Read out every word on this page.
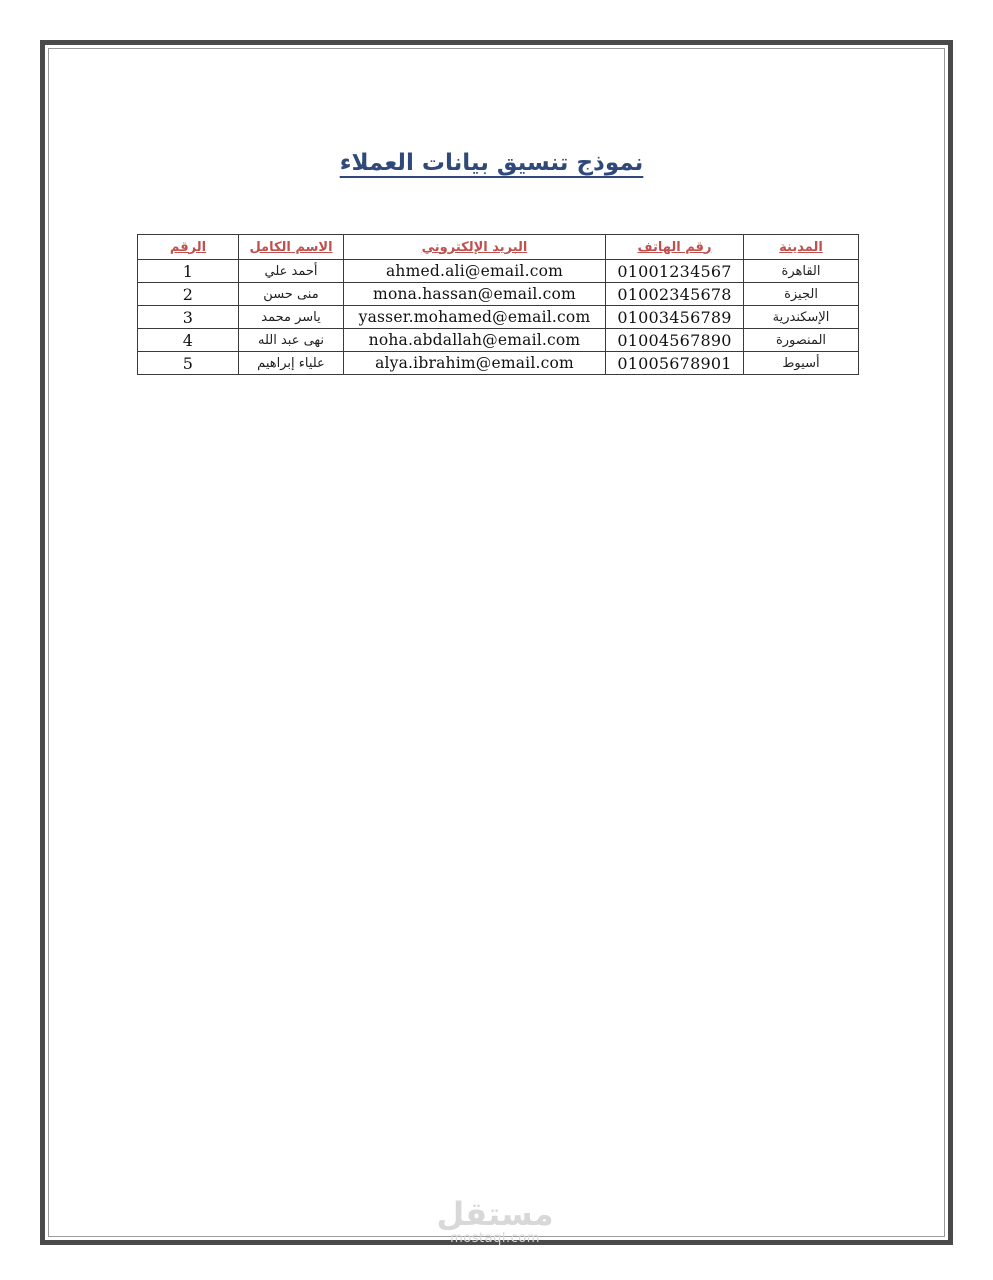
نموذج تنسيق بيانات العملاء
المدينة	رقم الهاتف	البريد الإلكتروني	الاسم الكامل	الرقم
القاهرة	01001234567	ahmed.ali@email.com	أحمد علي	1
الجيزة	01002345678	mona.hassan@email.com	منى حسن	2
الإسكندرية	01003456789	yasser.mohamed@email.com	ياسر محمد	3
المنصورة	01004567890	noha.abdallah@email.com	نهى عبد الله	4
أسيوط	01005678901	alya.ibrahim@email.com	علياء إبراهيم	5
مستقل
mostaql.com
